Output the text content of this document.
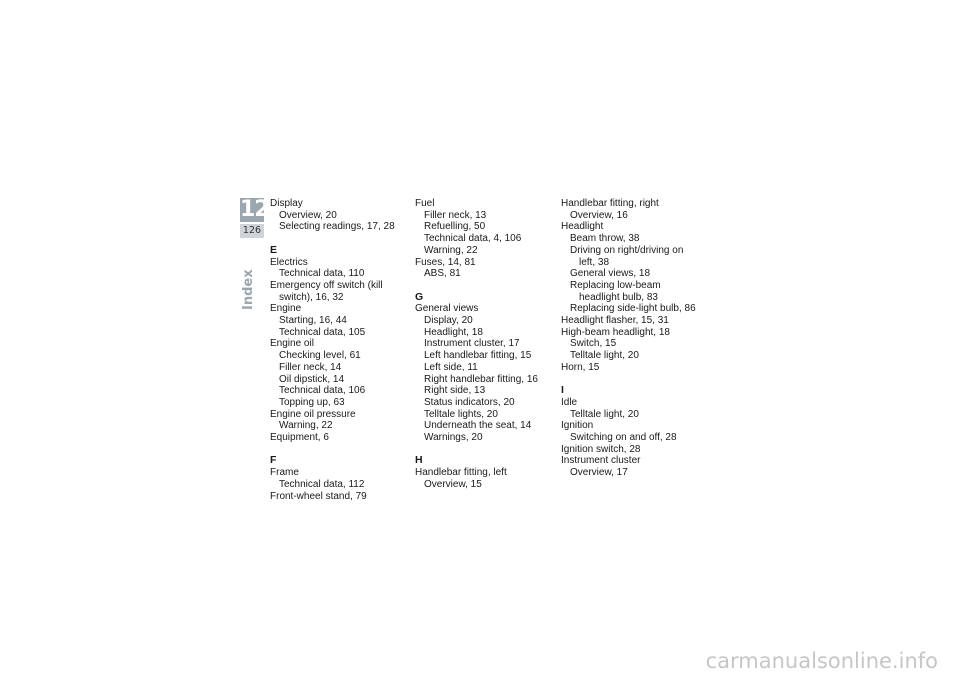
12
126
Index
Display
Overview, 20
Selecting readings, 17, 28
E
Electrics
Technical data, 110
Emergency off switch (kill switch), 16, 32
Engine
Starting, 16, 44
Technical data, 105
Engine oil
Checking level, 61
Filler neck, 14
Oil dipstick, 14
Technical data, 106
Topping up, 63
Engine oil pressure
Warning, 22
Equipment, 6
F
Frame
Technical data, 112
Front-wheel stand, 79
Fuel
Filler neck, 13
Refuelling, 50
Technical data, 4, 106
Warning, 22
Fuses, 14, 81
ABS, 81
G
General views
Display, 20
Headlight, 18
Instrument cluster, 17
Left handlebar fitting, 15
Left side, 11
Right handlebar fitting, 16
Right side, 13
Status indicators, 20
Telltale lights, 20
Underneath the seat, 14
Warnings, 20
H
Handlebar fitting, left
Overview, 15
Handlebar fitting, right
Overview, 16
Headlight
Beam throw, 38
Driving on right/driving on left, 38
General views, 18
Replacing low-beam headlight bulb, 83
Replacing side-light bulb, 86
Headlight flasher, 15, 31
High-beam headlight, 18
Switch, 15
Telltale light, 20
Horn, 15
I
Idle
Telltale light, 20
Ignition
Switching on and off, 28
Ignition switch, 28
Instrument cluster
Overview, 17
carmanualsonline.info
